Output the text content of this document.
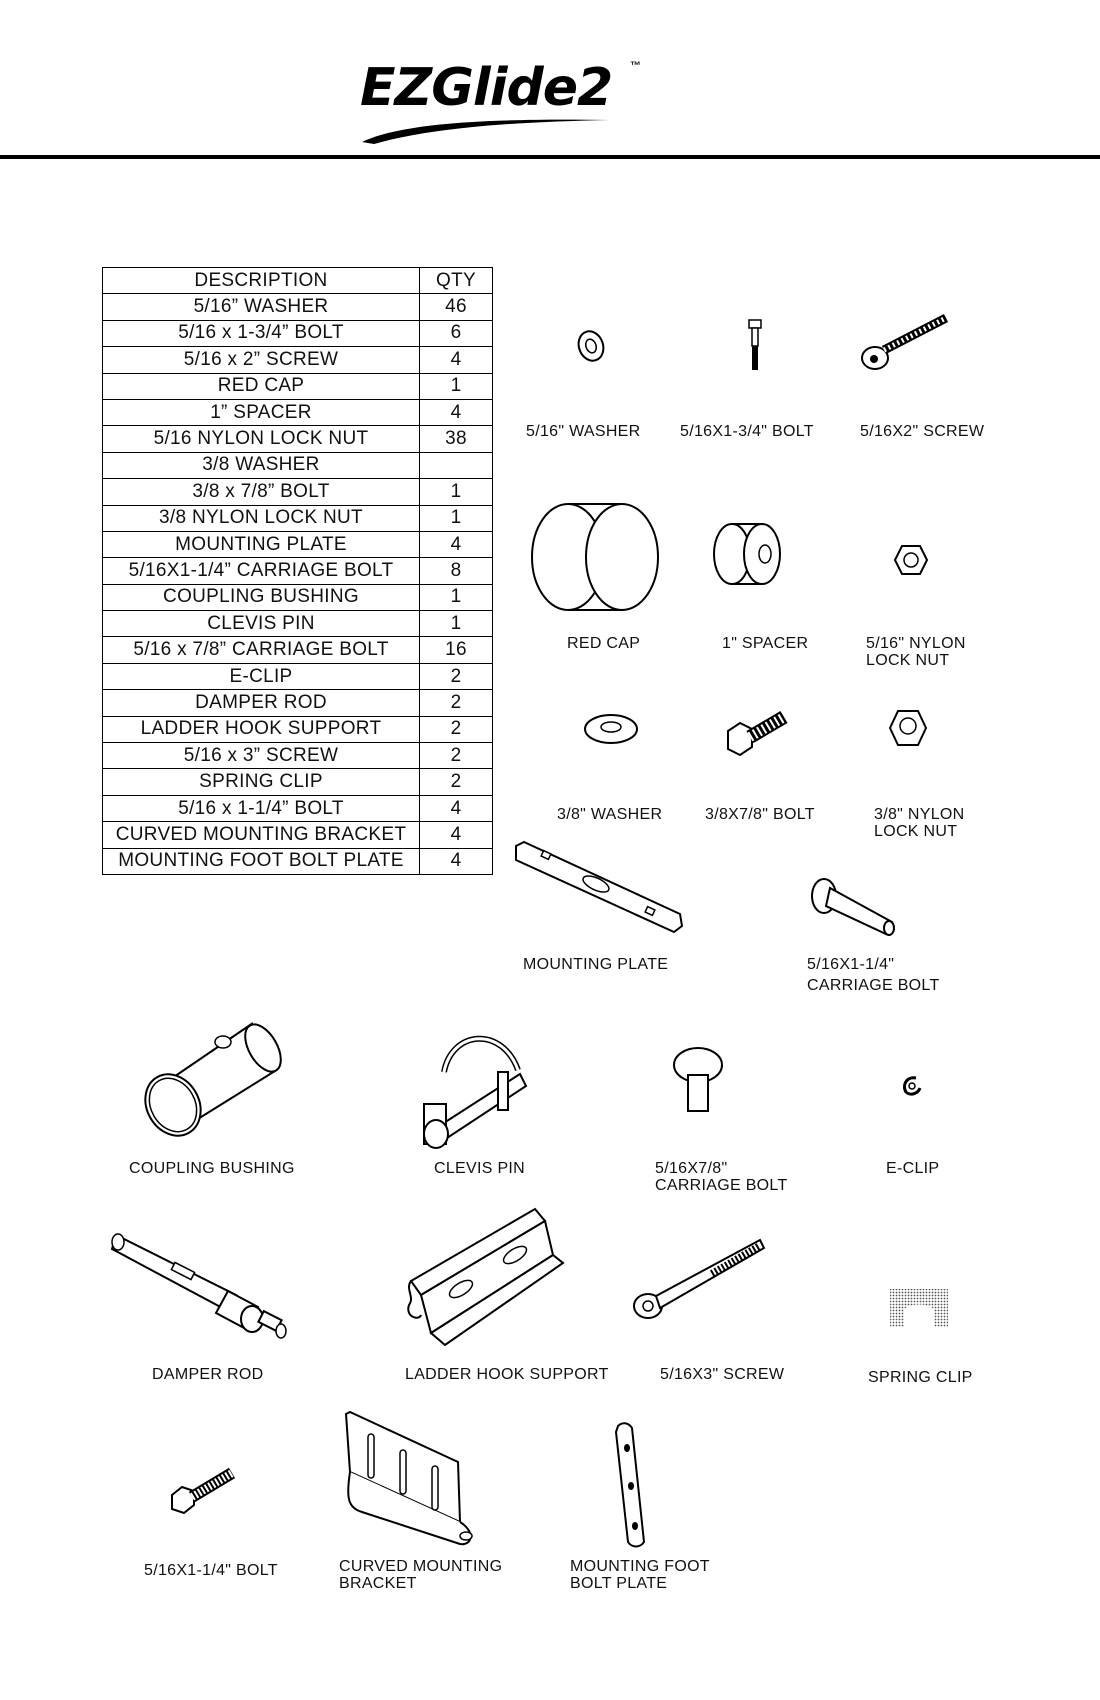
EZGlide2 ™
DESCRIPTION	QTY
5/16” WASHER	46
5/16 x 1-3/4” BOLT	6
5/16 x 2” SCREW	4
RED CAP	1
1” SPACER	4
5/16 NYLON LOCK NUT	38
3/8 WASHER	
3/8 x 7/8” BOLT	1
3/8 NYLON LOCK NUT	1
MOUNTING PLATE	4
5/16X1-1/4” CARRIAGE BOLT	8
COUPLING BUSHING	1
CLEVIS PIN	1
5/16 x 7/8” CARRIAGE BOLT	16
E-CLIP	2
DAMPER ROD	2
LADDER HOOK SUPPORT	2
5/16 x 3” SCREW	2
SPRING CLIP	2
5/16 x 1-1/4” BOLT	4
CURVED MOUNTING BRACKET	4
MOUNTING FOOT BOLT PLATE	4
5/16" WASHER 5/16X1-3/4" BOLT	5/16X2" SCREW
RED CAP	1" SPACER	5/16" NYLON
LOCK NUT
3/8" WASHER	3/8X7/8" BOLT	3/8" NYLON
LOCK NUT
MOUNTING PLATE	5/16X1-1/4"
CARRIAGE BOLT
COUPLING BUSHING	CLEVIS PIN	5/16X7/8"
CARRIAGE BOLT
E-CLIP
DAMPER ROD	LADDER HOOK SUPPORT	5/16X3" SCREW	SPRING CLIP
5/16X1-1/4" BOLT	CURVED MOUNTING
BRACKET
MOUNTING FOOT
BOLT PLATE
